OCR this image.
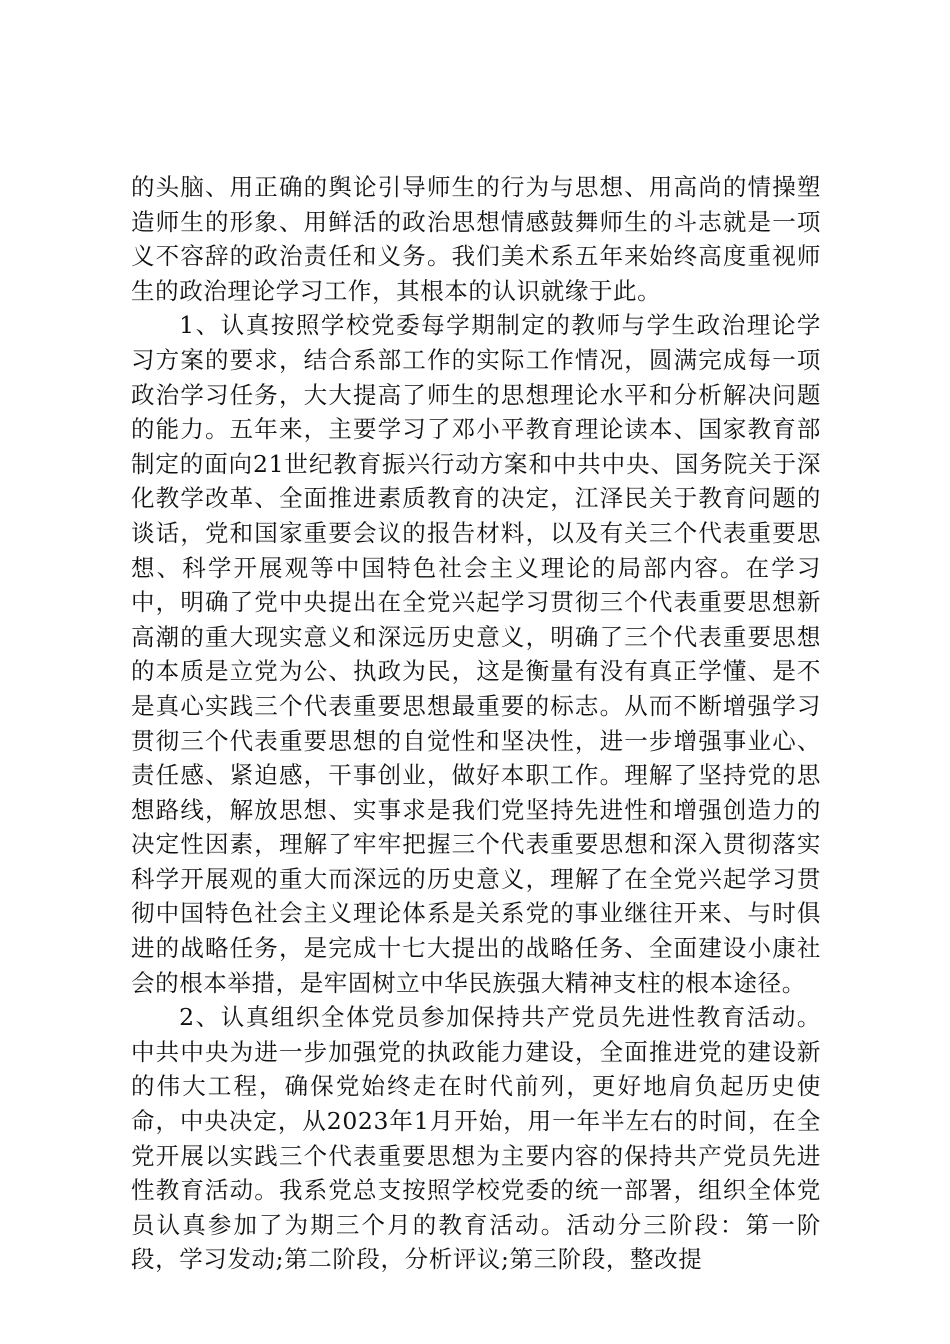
的头脑、用正确的舆论引导师生的行为与思想、用高尚的情操塑造师生的形象、用鲜活的政治思想情感鼓舞师生的斗志就是一项义不容辞的政治责任和义务。我们美术系五年来始终高度重视师生的政治理论学习工作，其根本的认识就缘于此。

1、认真按照学校党委每学期制定的教师与学生政治理论学习方案的要求，结合系部工作的实际工作情况，圆满完成每一项政治学习任务，大大提高了师生的思想理论水平和分析解决问题的能力。五年来，主要学习了邓小平教育理论读本、国家教育部制定的面向21世纪教育振兴行动方案和中共中央、国务院关于深化教学改革、全面推进素质教育的决定，江泽民关于教育问题的谈话，党和国家重要会议的报告材料，以及有关三个代表重要思想、科学开展观等中国特色社会主义理论的局部内容。在学习中，明确了党中央提出在全党兴起学习贯彻三个代表重要思想新高潮的重大现实意义和深远历史意义，明确了三个代表重要思想的本质是立党为公、执政为民，这是衡量有没有真正学懂、是不是真心实践三个代表重要思想最重要的标志。从而不断增强学习贯彻三个代表重要思想的自觉性和坚决性，进一步增强事业心、责任感、紧迫感，干事创业，做好本职工作。理解了坚持党的思想路线，解放思想、实事求是我们党坚持先进性和增强创造力的决定性因素，理解了牢牢把握三个代表重要思想和深入贯彻落实科学开展观的重大而深远的历史意义，理解了在全党兴起学习贯彻中国特色社会主义理论体系是关系党的事业继往开来、与时俱进的战略任务，是完成十七大提出的战略任务、全面建设小康社会的根本举措，是牢固树立中华民族强大精神支柱的根本途径。

2、认真组织全体党员参加保持共产党员先进性教育活动。中共中央为进一步加强党的执政能力建设，全面推进党的建设新的伟大工程，确保党始终走在时代前列，更好地肩负起历史使命，中央决定，从2023年1月开始，用一年半左右的时间，在全党开展以实践三个代表重要思想为主要内容的保持共产党员先进性教育活动。我系党总支按照学校党委的统一部署，组织全体党员认真参加了为期三个月的教育活动。活动分三阶段：第一阶段，学习发动;第二阶段，分析评议;第三阶段，整改提
